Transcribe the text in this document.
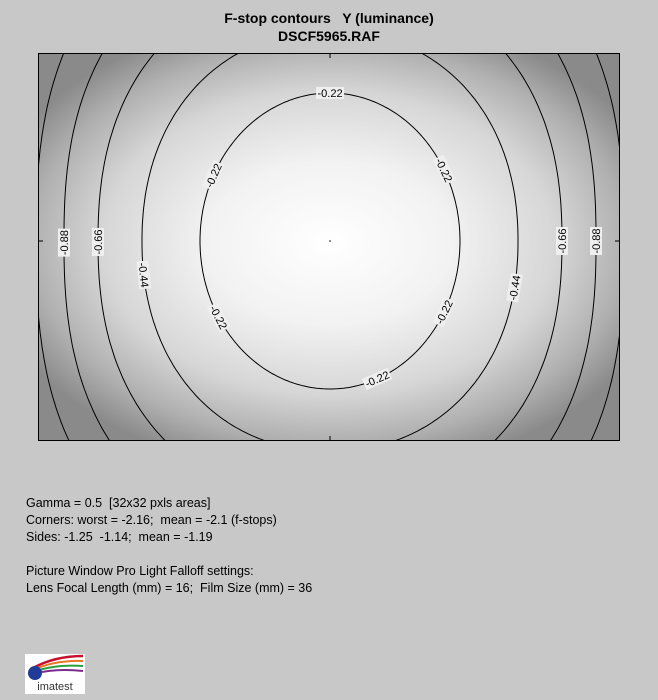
F-stop contours   Y (luminance)
DSCF5965.RAF
-0.22
-0.22
-0.22
-0.22
-0.22
-0.22
-0.44
-0.44
-0.66
-0.66	-0.88
-0.88
Gamma = 0.5  [32x32 pxls areas]
Corners: worst = -2.16;  mean = -2.1 (f-stops)
Sides: -1.25  -1.14;  mean = -1.19

Picture Window Pro Light Falloff settings:
Lens Focal Length (mm) = 16;  Film Size (mm) = 36
imatest
